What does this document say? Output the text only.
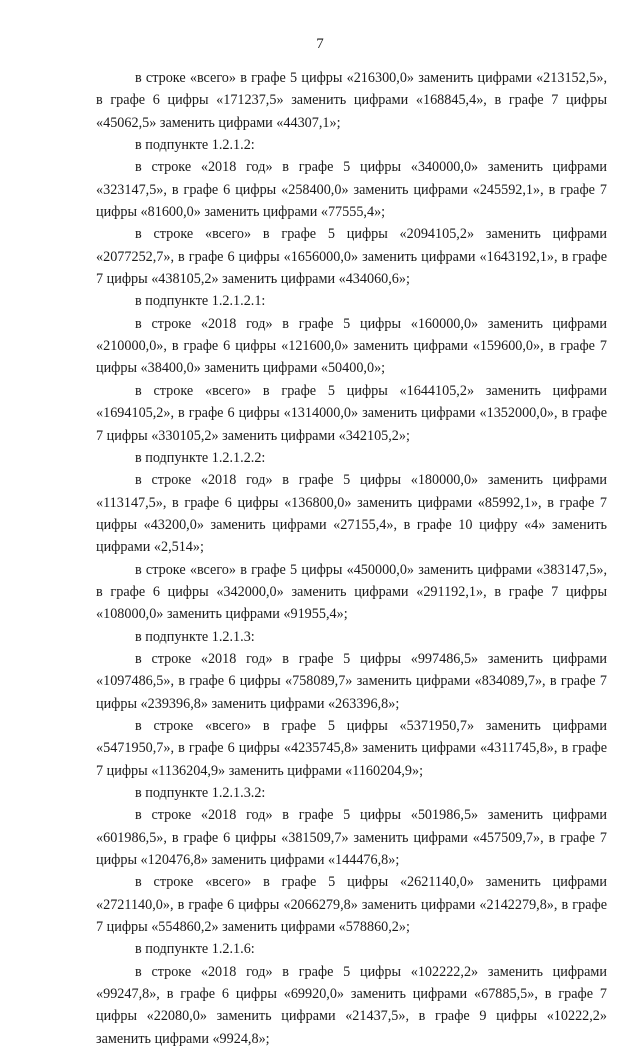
7

в строке «всего» в графе 5 цифры «216300,0» заменить цифрами «213152,5», в графе 6 цифры «171237,5» заменить цифрами «168845,4», в графе 7 цифры «45062,5» заменить цифрами «44307,1»;

в подпункте 1.2.1.2:

в строке «2018 год» в графе 5 цифры «340000,0» заменить цифрами «323147,5», в графе 6 цифры «258400,0» заменить цифрами «245592,1», в графе 7 цифры «81600,0» заменить цифрами «77555,4»;

в строке «всего» в графе 5 цифры «2094105,2» заменить цифрами «2077252,7», в графе 6 цифры «1656000,0» заменить цифрами «1643192,1», в графе 7 цифры «438105,2» заменить цифрами «434060,6»;

в подпункте 1.2.1.2.1:

в строке «2018 год» в графе 5 цифры «160000,0» заменить цифрами «210000,0», в графе 6 цифры «121600,0» заменить цифрами «159600,0», в графе 7 цифры «38400,0» заменить цифрами «50400,0»;

в строке «всего» в графе 5 цифры «1644105,2» заменить цифрами «1694105,2», в графе 6 цифры «1314000,0» заменить цифрами «1352000,0», в графе 7 цифры «330105,2» заменить цифрами «342105,2»;

в подпункте 1.2.1.2.2:

в строке «2018 год» в графе 5 цифры «180000,0» заменить цифрами «113147,5», в графе 6 цифры «136800,0» заменить цифрами «85992,1», в графе 7 цифры «43200,0» заменить цифрами «27155,4», в графе 10 цифру «4» заменить цифрами «2,514»;

в строке «всего» в графе 5 цифры «450000,0» заменить цифрами «383147,5», в графе 6 цифры «342000,0» заменить цифрами «291192,1», в графе 7 цифры «108000,0» заменить цифрами «91955,4»;

в подпункте 1.2.1.3:

в строке «2018 год» в графе 5 цифры «997486,5» заменить цифрами «1097486,5», в графе 6 цифры «758089,7» заменить цифрами «834089,7», в графе 7 цифры «239396,8» заменить цифрами «263396,8»;

в строке «всего» в графе 5 цифры «5371950,7» заменить цифрами «5471950,7», в графе 6 цифры «4235745,8» заменить цифрами «4311745,8», в графе 7 цифры «1136204,9» заменить цифрами «1160204,9»;

в подпункте 1.2.1.3.2:

в строке «2018 год» в графе 5 цифры «501986,5» заменить цифрами «601986,5», в графе 6 цифры «381509,7» заменить цифрами «457509,7», в графе 7 цифры «120476,8» заменить цифрами «144476,8»;

в строке «всего» в графе 5 цифры «2621140,0» заменить цифрами «2721140,0», в графе 6 цифры «2066279,8» заменить цифрами «2142279,8», в графе 7 цифры «554860,2» заменить цифрами «578860,2»;

в подпункте 1.2.1.6:

в строке «2018 год» в графе 5 цифры «102222,2» заменить цифрами «99247,8», в графе 6 цифры «69920,0» заменить цифрами «67885,5», в графе 7 цифры «22080,0» заменить цифрами «21437,5», в графе 9 цифры «10222,2» заменить цифрами «9924,8»;
